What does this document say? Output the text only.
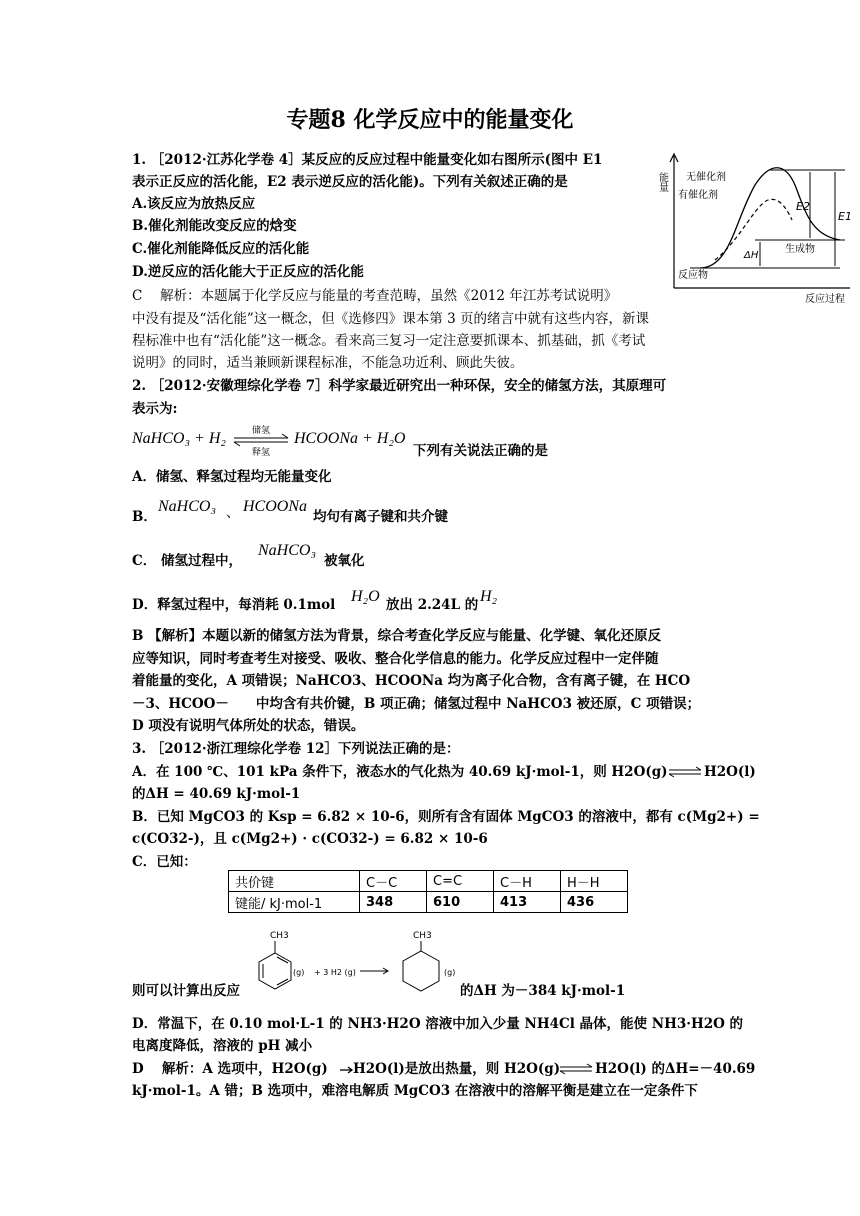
专题8 化学反应中的能量变化
1. ［2012·江苏化学卷 4］某反应的反应过程中能量变化如右图所示(图中 E1
表示正反应的活化能，E2 表示逆反应的活化能)。下列有关叙述正确的是
A.该反应为放热反应
B.催化剂能改变反应的焓变
C.催化剂能降低反应的活化能
D.逆反应的活化能大于正反应的活化能
C　 解析：本题属于化学反应与能量的考查范畴，虽然《2012 年江苏考试说明》
中没有提及“活化能”这一概念，但《选修四》课本第 3 页的绪言中就有这些内容，新课
程标准中也有“活化能”这一概念。看来高三复习一定注意要抓课本、抓基础，抓《考试
说明》的同时，适当兼顾新课程标准，不能急功近利、顾此失彼。
能量
反应过程
无催化剂
有催化剂
E2
E1
ΔH
生成物
反应物
2. ［2012·安徽理综化学卷 7］科学家最近研究出一种环保，安全的储氢方法，其原理可
表示为:
NaHCO₃ + H₂	储氢
释氢
HCOONa + H₂O
下列有关说法正确的是
A．储氢、释氢过程均无能量变化
B．
NaHCO₃ 、 HCOONa
均句有离子键和共介键
C． 储氢过程中，
NaHCO₃
被氧化
D．释氢过程中，每消耗 0.1mol H₂O 放出 2.24L 的 H₂
B 【解析】本题以新的储氢方法为背景，综合考查化学反应与能量、化学键、氧化还原反
应等知识，同时考查考生对接受、吸收、整合化学信息的能力。化学反应过程中一定伴随
着能量的变化，A 项错误；NaHCO3、HCOONa 均为离子化合物，含有离子键，在 HCO
－3、HCOO－　　中均含有共价键，B 项正确；储氢过程中 NaHCO3 被还原，C 项错误；
D 项没有说明气体所处的状态，错误。
3. ［2012·浙江理综化学卷 12］下列说法正确的是：
A．在 100 ℃、101 kPa 条件下，液态水的气化热为 40.69 kJ·mol-1，则 H2O(g) ⇌ H2O(l)
的ΔH = 40.69 kJ·mol-1
B．已知 MgCO3 的 Ksp = 6.82 × 10-6，则所有含有固体 MgCO3 的溶液中，都有 c(Mg2+) =
c(CO32-)，且 c(Mg2+) · c(CO32-) = 6.82 × 10-6
C．已知：
共价键	C－C	C=C	C－H	H－H
键能/ kJ·mol-1	348	610	413	436
CH3
(g) + 3 H2 (g)
CH3
(g)
则可以计算出反应	的ΔH 为－384 kJ·mol-1
D．常温下，在 0.10 mol·L-1 的 NH3·H2O 溶液中加入少量 NH4Cl 晶体，能使 NH3·H2O 的
电离度降低，溶液的 pH 减小
D　 解析：A 选项中，H2O(g) H2O(l)是放出热量，则 H2O(g) ⇌ H2O(l) 的ΔH=－40.69
kJ·mol-1。A 错；B 选项中，难溶电解质 MgCO3 在溶液中的溶解平衡是建立在一定条件下
